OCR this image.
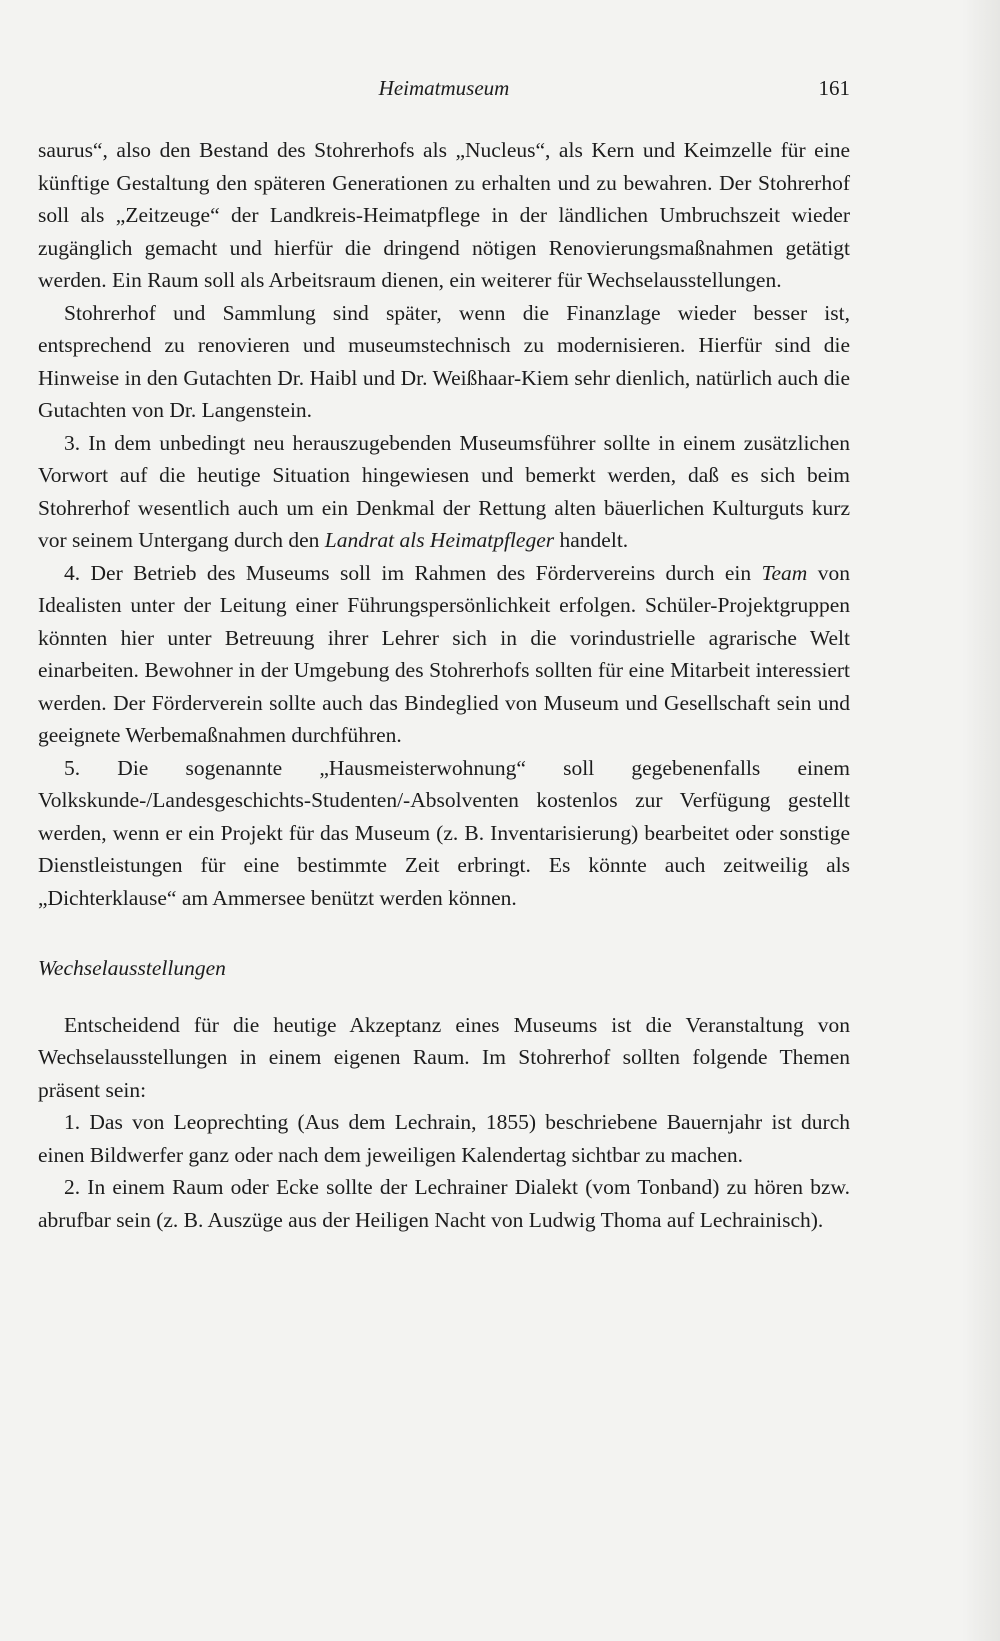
Heimatmuseum	161

saurus“, also den Bestand des Stohrerhofs als „Nucleus“, als Kern und Keimzelle für eine künftige Gestaltung den späteren Generationen zu erhalten und zu bewahren. Der Stohrerhof soll als „Zeitzeuge“ der Landkreis-Heimatpflege in der ländlichen Umbruchszeit wieder zugänglich gemacht und hierfür die dringend nötigen Renovierungsmaßnahmen getätigt werden. Ein Raum soll als Arbeitsraum dienen, ein weiterer für Wechselausstellungen.

Stohrerhof und Sammlung sind später, wenn die Finanzlage wieder besser ist, entsprechend zu renovieren und museumstechnisch zu modernisieren. Hierfür sind die Hinweise in den Gutachten Dr. Haibl und Dr. Weißhaar-Kiem sehr dienlich, natürlich auch die Gutachten von Dr. Langenstein.

3. In dem unbedingt neu herauszugebenden Museumsführer sollte in einem zusätzlichen Vorwort auf die heutige Situation hingewiesen und bemerkt werden, daß es sich beim Stohrerhof wesentlich auch um ein Denkmal der Rettung alten bäuerlichen Kulturguts kurz vor seinem Untergang durch den Landrat als Heimatpfleger handelt.

4. Der Betrieb des Museums soll im Rahmen des Fördervereins durch ein Team von Idealisten unter der Leitung einer Führungspersönlichkeit erfolgen. Schüler-Projektgruppen könnten hier unter Betreuung ihrer Lehrer sich in die vorindustrielle agrarische Welt einarbeiten. Bewohner in der Umgebung des Stohrerhofs sollten für eine Mitarbeit interessiert werden. Der Förderverein sollte auch das Bindeglied von Museum und Gesellschaft sein und geeignete Werbemaßnahmen durchführen.

5. Die sogenannte „Hausmeisterwohnung“ soll gegebenenfalls einem Volkskunde-/Landesgeschichts-Studenten/-Absolventen kostenlos zur Verfügung gestellt werden, wenn er ein Projekt für das Museum (z. B. Inventarisierung) bearbeitet oder sonstige Dienstleistungen für eine bestimmte Zeit erbringt. Es könnte auch zeitweilig als „Dichterklause“ am Ammersee benützt werden können.

Wechselausstellungen

Entscheidend für die heutige Akzeptanz eines Museums ist die Veranstaltung von Wechselausstellungen in einem eigenen Raum. Im Stohrerhof sollten folgende Themen präsent sein:

1. Das von Leoprechting (Aus dem Lechrain, 1855) beschriebene Bauernjahr ist durch einen Bildwerfer ganz oder nach dem jeweiligen Kalendertag sichtbar zu machen.

2. In einem Raum oder Ecke sollte der Lechrainer Dialekt (vom Tonband) zu hören bzw. abrufbar sein (z. B. Auszüge aus der Heiligen Nacht von Ludwig Thoma auf Lechrainisch).
